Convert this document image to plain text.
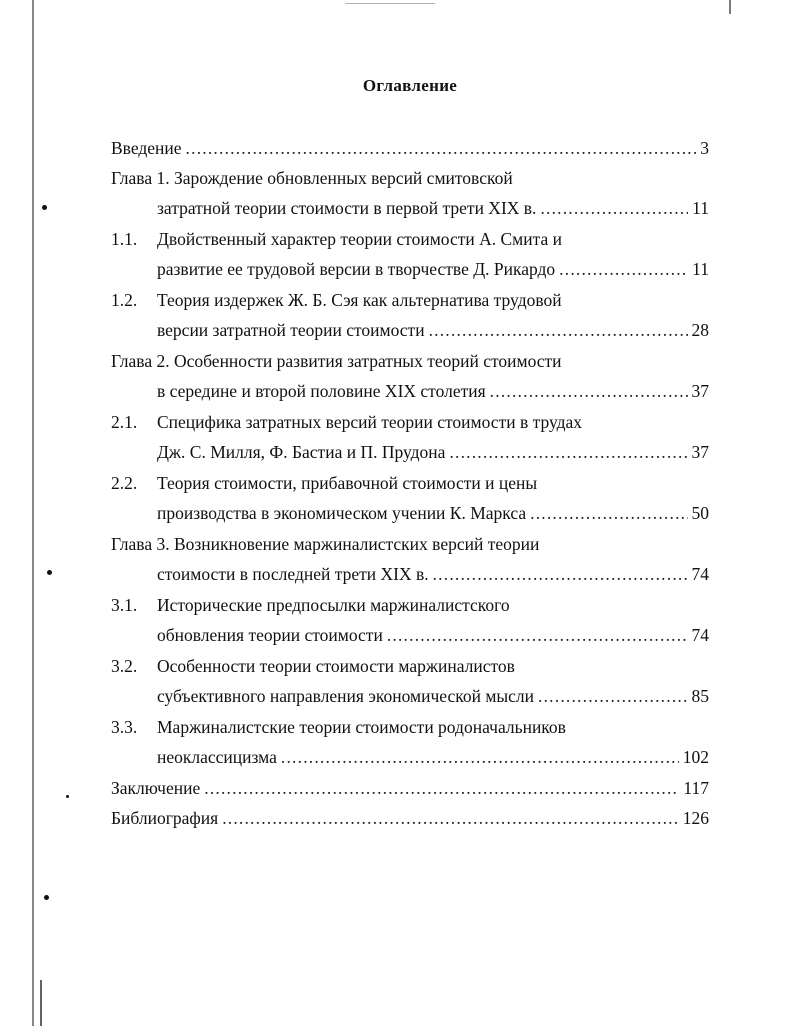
Оглавление
Введение .....	3
Глава 1. Зарождение обновленных версий смитовской
затратной теории стоимости в первой трети XIX в. .....	11
1.1.	Двойственный характер теории стоимости А. Смита и
развитие ее трудовой версии в творчестве Д. Рикардо .....	11
1.2.	Теория издержек Ж. Б. Сэя как альтернатива трудовой
версии затратной теории стоимости .....	28
Глава 2. Особенности развития затратных теорий стоимости
в середине и второй половине XIX столетия .....	37
2.1.	Специфика затратных версий теории стоимости в трудах
Дж. С. Милля, Ф. Бастиа и П. Прудона .....	37
2.2.	Теория стоимости, прибавочной стоимости и цены
производства в экономическом учении К. Маркса .....	50
Глава 3. Возникновение маржиналистских версий теории
стоимости в последней трети XIX в. .....	74
3.1.	Исторические предпосылки маржиналистского
обновления теории стоимости .....	74
3.2.	Особенности теории стоимости маржиналистов
субъективного направления экономической мысли .....	85
3.3.	Маржиналистские теории стоимости родоначальников
неоклассицизма .....	102
Заключение .....	117
Библиография .....	126
